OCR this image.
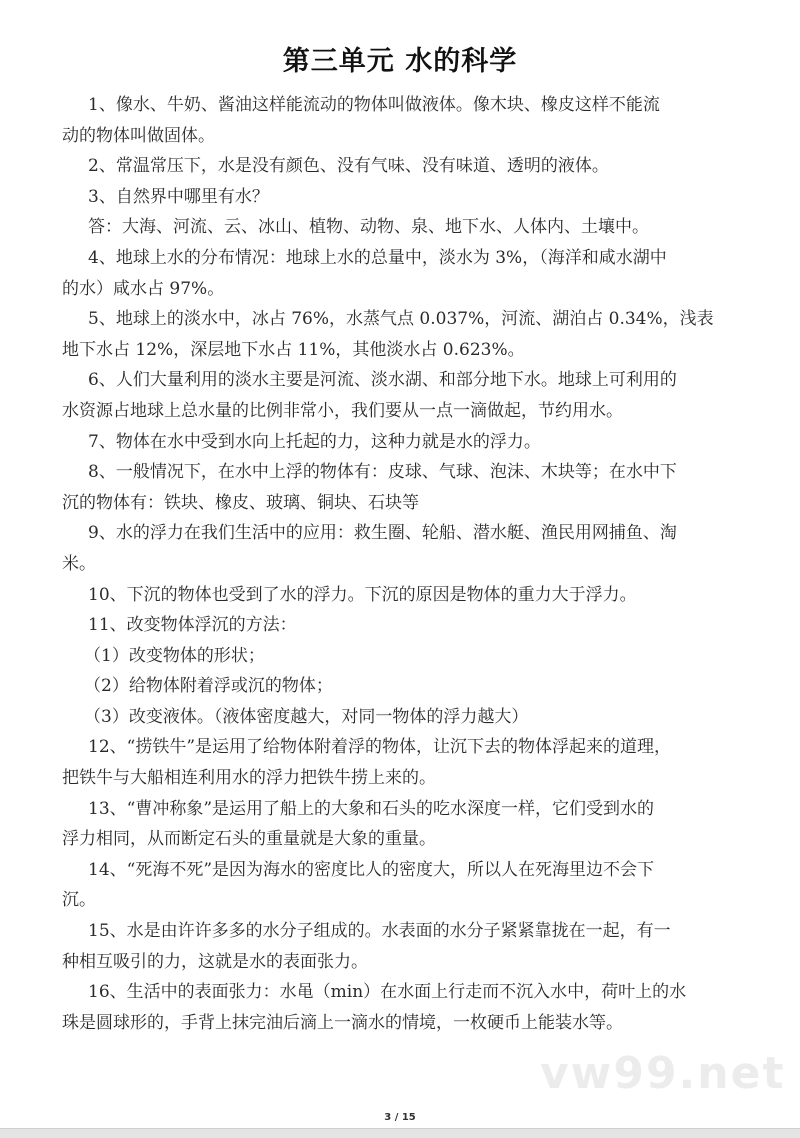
第三单元 水的科学
1、像水、牛奶、酱油这样能流动的物体叫做液体。像木块、橡皮这样不能流
动的物体叫做固体。
2、常温常压下，水是没有颜色、没有气味、没有味道、透明的液体。
3、自然界中哪里有水？
答：大海、河流、云、冰山、植物、动物、泉、地下水、人体内、土壤中。
4、地球上水的分布情况：地球上水的总量中，淡水为 3%，（海洋和咸水湖中
的水）咸水占 97%。
5、地球上的淡水中，冰占 76%，水蒸气点 0.037%，河流、湖泊占 0.34%，浅表
地下水占 12%，深层地下水占 11%，其他淡水占 0.623%。
6、人们大量利用的淡水主要是河流、淡水湖、和部分地下水。地球上可利用的
水资源占地球上总水量的比例非常小，我们要从一点一滴做起，节约用水。
7、物体在水中受到水向上托起的力，这种力就是水的浮力。
8、一般情况下，在水中上浮的物体有：皮球、气球、泡沫、木块等；在水中下
沉的物体有：铁块、橡皮、玻璃、铜块、石块等
9、水的浮力在我们生活中的应用：救生圈、轮船、潜水艇、渔民用网捕鱼、淘
米。
10、下沉的物体也受到了水的浮力。下沉的原因是物体的重力大于浮力。
11、改变物体浮沉的方法：
（1）改变物体的形状；
（2）给物体附着浮或沉的物体；
（3）改变液体。（液体密度越大，对同一物体的浮力越大）
12、“捞铁牛”是运用了给物体附着浮的物体，让沉下去的物体浮起来的道理，
把铁牛与大船相连利用水的浮力把铁牛捞上来的。
13、“曹冲称象”是运用了船上的大象和石头的吃水深度一样，它们受到水的
浮力相同，从而断定石头的重量就是大象的重量。
14、“死海不死”是因为海水的密度比人的密度大，所以人在死海里边不会下
沉。
15、水是由许许多多的水分子组成的。水表面的水分子紧紧靠拢在一起，有一
种相互吸引的力，这就是水的表面张力。
16、生活中的表面张力：水黾（min）在水面上行走而不沉入水中，荷叶上的水
珠是圆球形的，手背上抹完油后滴上一滴水的情境，一枚硬币上能装水等。
vw99.net
3 / 15
